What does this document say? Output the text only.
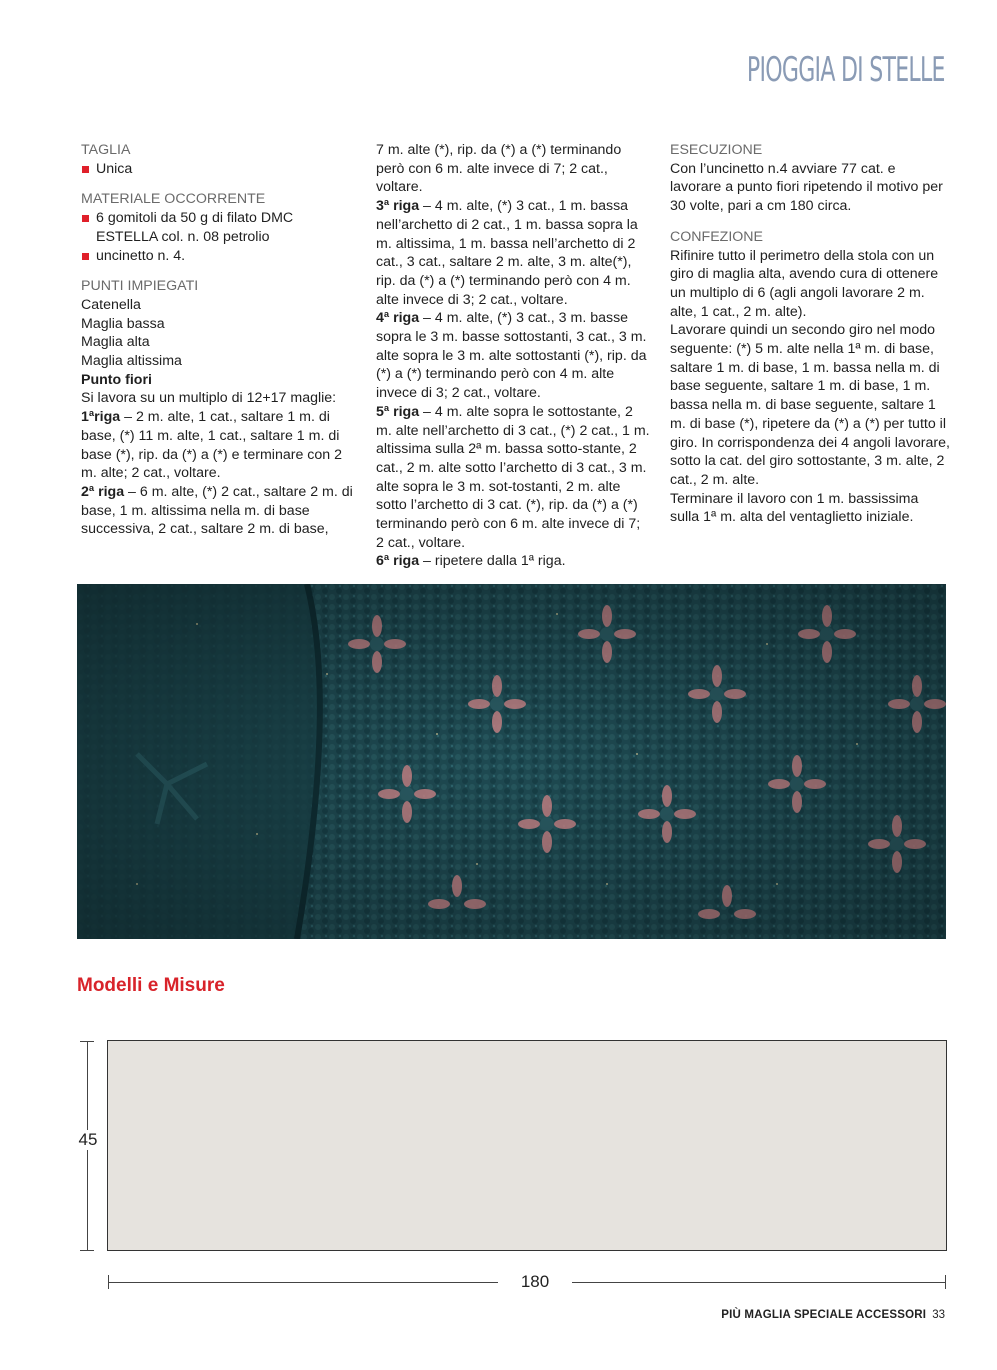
PIOGGIA DI STELLE

TAGLIA

Unica

MATERIALE OCCORRENTE

6 gomitoli da 50 g di filato DMC ESTELLA col. n. 08 petrolio

uncinetto n. 4.

PUNTI IMPIEGATI

Catenella

Maglia bassa

Maglia alta

Maglia altissima

Punto fiori

Si lavora su un multiplo di 12+17 maglie:

1ªriga – 2 m. alte, 1 cat., saltare 1 m. di base, (*) 11 m. alte, 1 cat., saltare 1 m. di base (*), rip. da (*) a (*) e terminare con 2 m. alte; 2 cat., voltare.

2ª riga – 6 m. alte, (*) 2 cat., saltare 2 m. di base, 1 m. altissima nella m. di base successiva, 2 cat., saltare 2 m. di base,

7 m. alte (*), rip. da (*) a (*) terminando però con 6 m. alte invece di 7; 2 cat., voltare.

3ª riga – 4 m. alte, (*) 3 cat., 1 m. bassa nell’archetto di 2 cat., 1 m. bassa sopra la m. altissima, 1 m. bassa nell’archetto di 2 cat., 3 cat., saltare 2 m. alte, 3 m. alte(*), rip. da (*) a (*) terminando però con 4 m. alte invece di 3; 2 cat., voltare.

4ª riga – 4 m. alte, (*) 3 cat., 3 m. basse sopra le 3 m. basse sottostanti, 3 cat., 3 m. alte sopra le 3 m. alte sottostanti (*), rip. da (*) a (*) terminando però con 4 m. alte invece di 3; 2 cat., voltare.

5ª riga – 4 m. alte sopra le sottostante, 2 m. alte nell’archetto di 3 cat., (*) 2 cat., 1 m. altissima sulla 2ª m. bassa sotto-stante, 2 cat., 2 m. alte sotto l’archetto di 3 cat., 3 m. alte sopra le 3 m. sot-tostanti, 2 m. alte sotto l’archetto di 3 cat. (*), rip. da (*) a (*) terminando però con 6 m. alte invece di 7; 2 cat., voltare.

6ª riga – ripetere dalla 1ª riga.

ESECUZIONE

Con l’uncinetto n.4 avviare 77 cat. e lavorare a punto fiori ripetendo il motivo per 30 volte, pari a cm 180 circa.

CONFEZIONE

Rifinire tutto il perimetro della stola con un giro di maglia alta, avendo cura di ottenere un multiplo di 6 (agli angoli lavorare 2 m. alte, 1 cat., 2 m. alte).

Lavorare quindi un secondo giro nel modo seguente: (*) 5 m. alte nella 1ª m. di base, saltare 1 m. di base, 1 m. bassa nella m. di base seguente, saltare 1 m. di base, 1 m. bassa nella m. di base seguente, saltare 1 m. di base (*), ripetere da (*) a (*) per tutto il giro. In corrispondenza dei 4 angoli lavorare, sotto la cat. del giro sottostante, 3 m. alte, 2 cat., 2 m. alte.

Terminare il lavoro con 1 m. bassissima sulla 1ª m. alta del ventaglietto iniziale.

Modelli e Misure
45
180
PIÙ MAGLIA SPECIALE ACCESSORI 33
